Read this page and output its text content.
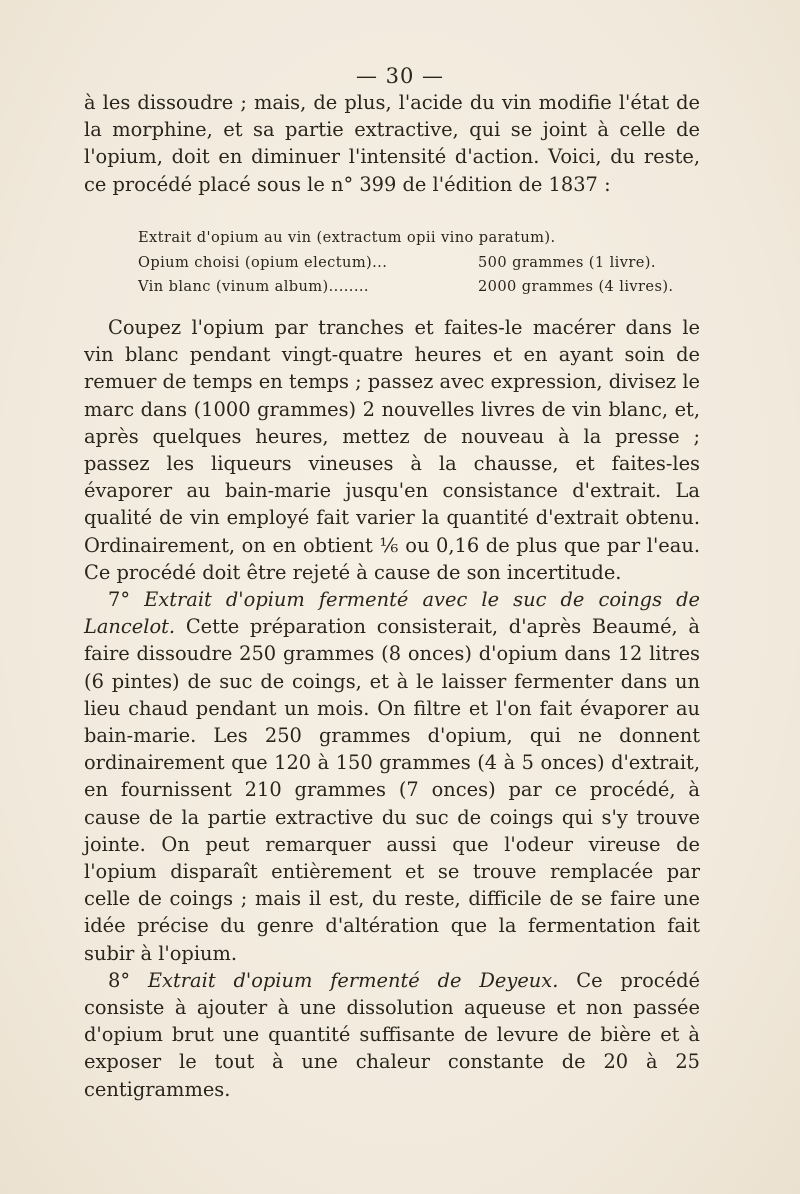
— 30 —

à les dissoudre ; mais, de plus, l'acide du vin modifie l'état de la morphine, et sa partie extractive, qui se joint à celle de l'opium, doit en diminuer l'intensité d'action. Voici, du reste, ce procédé placé sous le n° 399 de l'édition de 1837 :

Extrait d'opium au vin (extractum opii vino paratum).
Opium choisi (opium electum)...	500 grammes (1 livre).
Vin blanc (vinum album)........	2000 grammes (4 livres).

Coupez l'opium par tranches et faites-le macérer dans le vin blanc pendant vingt-quatre heures et en ayant soin de remuer de temps en temps ; passez avec expression, divisez le marc dans (1000 grammes) 2 nouvelles livres de vin blanc, et, après quelques heures, mettez de nouveau à la presse ; passez les liqueurs vineuses à la chausse, et faites-les évaporer au bain-marie jusqu'en consistance d'extrait. La qualité de vin employé fait varier la quantité d'extrait obtenu. Ordinairement, on en obtient ⅙ ou 0,16 de plus que par l'eau. Ce procédé doit être rejeté à cause de son incertitude.

7° Extrait d'opium fermenté avec le suc de coings de Lancelot. Cette préparation consisterait, d'après Beaumé, à faire dissoudre 250 grammes (8 onces) d'opium dans 12 litres (6 pintes) de suc de coings, et à le laisser fermenter dans un lieu chaud pendant un mois. On filtre et l'on fait évaporer au bain-marie. Les 250 grammes d'opium, qui ne donnent ordinairement que 120 à 150 grammes (4 à 5 onces) d'extrait, en fournissent 210 grammes (7 onces) par ce procédé, à cause de la partie extractive du suc de coings qui s'y trouve jointe. On peut remarquer aussi que l'odeur vireuse de l'opium disparaît entièrement et se trouve remplacée par celle de coings ; mais il est, du reste, difficile de se faire une idée précise du genre d'altération que la fermentation fait subir à l'opium.

8° Extrait d'opium fermenté de Deyeux. Ce procédé consiste à ajouter à une dissolution aqueuse et non passée d'opium brut une quantité suffisante de levure de bière et à exposer le tout à une chaleur constante de 20 à 25 centigrammes.
